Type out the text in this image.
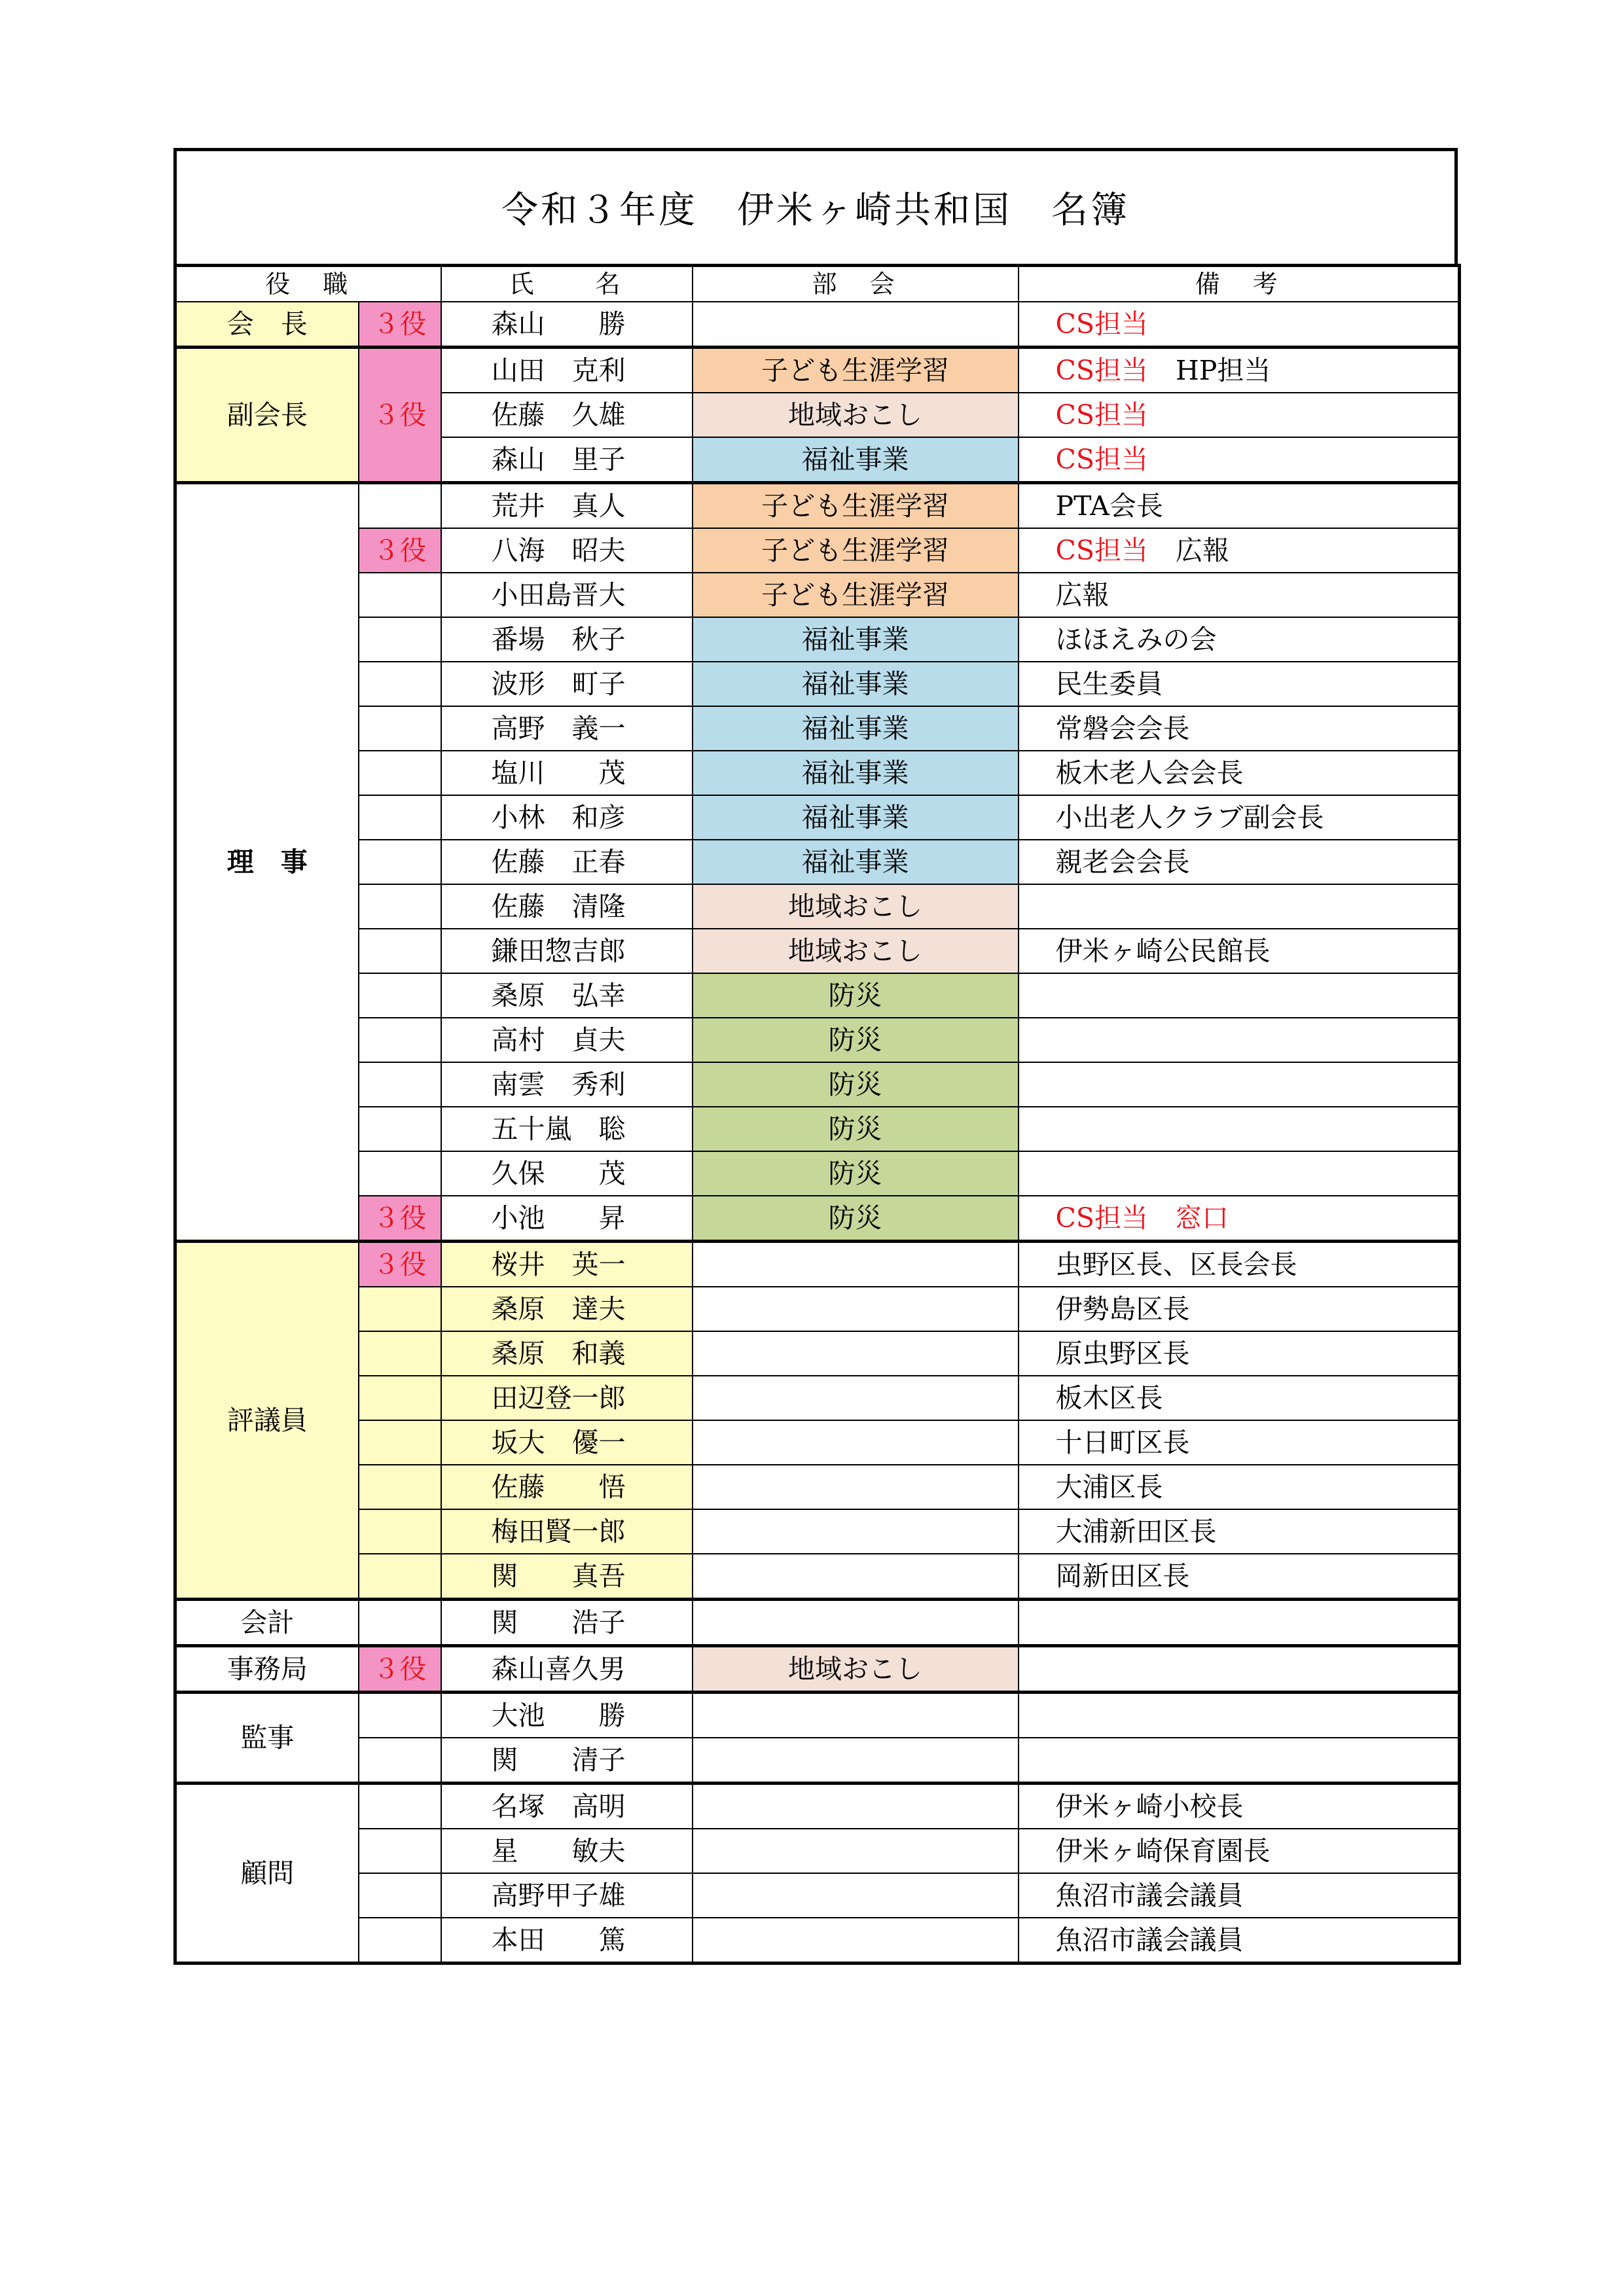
令和３年度　伊米ヶ崎共和国　名簿
役　職		氏　　名	部　会	備　考
会　長	３役	森山　　勝		CS担当
副会長	３役	山田　克利	子ども生涯学習	CS担当 HP担当
		佐藤　久雄	地域おこし	CS担当
		森山　里子	福祉事業	CS担当
理　事		荒井　真人	子ども生涯学習	PTA会長
	３役	八海　昭夫	子ども生涯学習	CS担当 広報
		小田島晋大	子ども生涯学習	広報
		番場　秋子	福祉事業	ほほえみの会
		波形　町子	福祉事業	民生委員
		高野　義一	福祉事業	常磐会会長
		塩川　　茂	福祉事業	板木老人会会長
		小林　和彦	福祉事業	小出老人クラブ副会長
		佐藤　正春	福祉事業	親老会会長
		佐藤　清隆	地域おこし	
		鎌田惣吉郎	地域おこし	伊米ヶ崎公民館長
		桑原　弘幸	防災	
		高村　貞夫	防災	
		南雲　秀利	防災	
		五十嵐　聡	防災	
		久保　　茂	防災	
	３役	小池　　昇	防災	CS担当　窓口
評議員	３役	桜井　英一		虫野区長、区長会長
		桑原　達夫		伊勢島区長
		桑原　和義		原虫野区長
		田辺登一郎		板木区長
		坂大　優一		十日町区長
		佐藤　　悟		大浦区長
		梅田賢一郎		大浦新田区長
		関　　真吾		岡新田区長
会計		関　　浩子		
事務局	３役	森山喜久男	地域おこし	
監事		大池　　勝		
		関　　清子		
顧問		名塚　高明		伊米ヶ崎小校長
		星　　敏夫		伊米ヶ崎保育園長
		高野甲子雄		魚沼市議会議員
		本田　　篤		魚沼市議会議員
